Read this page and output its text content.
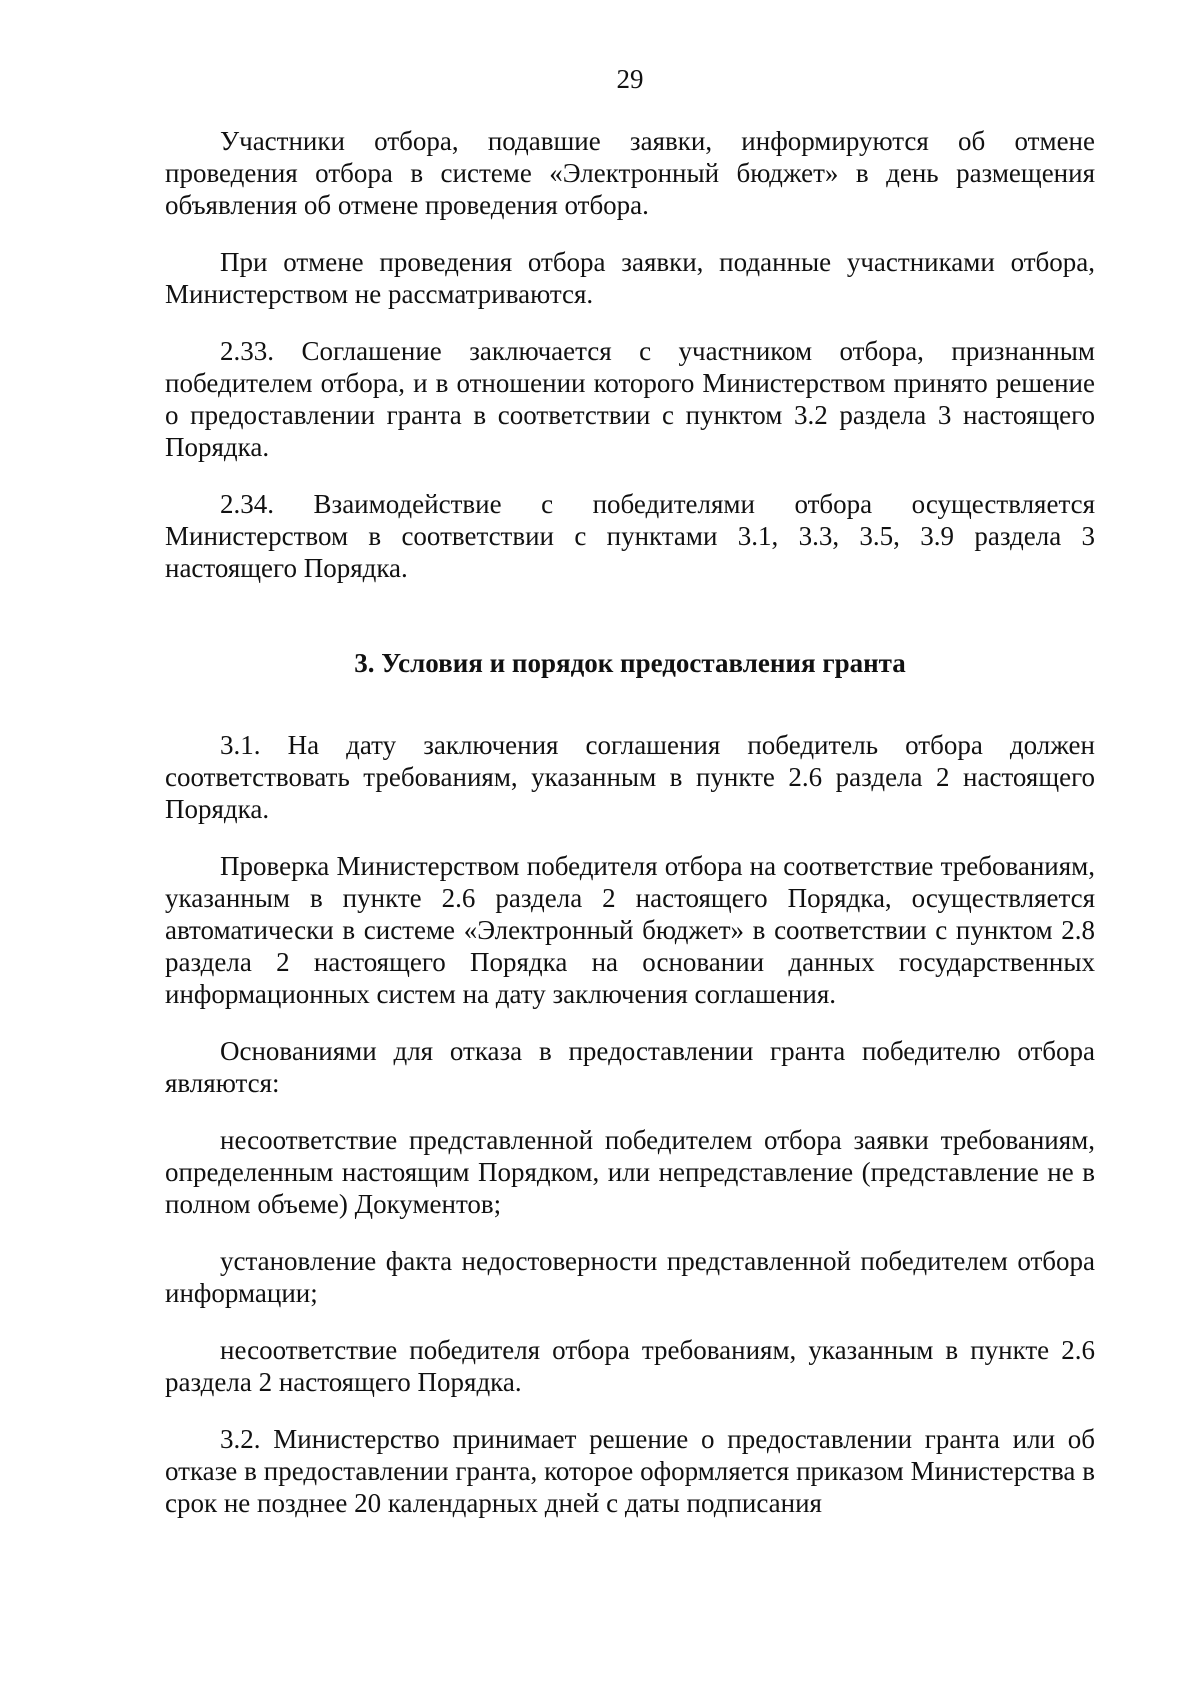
29

Участники отбора, подавшие заявки, информируются об отмене проведения отбора в системе «Электронный бюджет» в день размещения объявления об отмене проведения отбора.

При отмене проведения отбора заявки, поданные участниками отбора, Министерством не рассматриваются.

2.33. Соглашение заключается с участником отбора, признанным победителем отбора, и в отношении которого Министерством принято решение о предоставлении гранта в соответствии с пунктом 3.2 раздела 3 настоящего Порядка.

2.34. Взаимодействие с победителями отбора осуществляется Министерством в соответствии с пунктами 3.1, 3.3, 3.5, 3.9 раздела 3 настоящего Порядка.

3. Условия и порядок предоставления гранта

3.1. На дату заключения соглашения победитель отбора должен соответствовать требованиям, указанным в пункте 2.6 раздела 2 настоящего Порядка.

Проверка Министерством победителя отбора на соответствие требованиям, указанным в пункте 2.6 раздела 2 настоящего Порядка, осуществляется автоматически в системе «Электронный бюджет» в соответствии с пунктом 2.8 раздела 2 настоящего Порядка на основании данных государственных информационных систем на дату заключения соглашения.

Основаниями для отказа в предоставлении гранта победителю отбора являются:

несоответствие представленной победителем отбора заявки требованиям, определенным настоящим Порядком, или непредставление (представление не в полном объеме) Документов;

установление факта недостоверности представленной победителем отбора информации;

несоответствие победителя отбора требованиям, указанным в пункте 2.6 раздела 2 настоящего Порядка.

3.2. Министерство принимает решение о предоставлении гранта или об отказе в предоставлении гранта, которое оформляется приказом Министерства в срок не позднее 20 календарных дней с даты подписания
